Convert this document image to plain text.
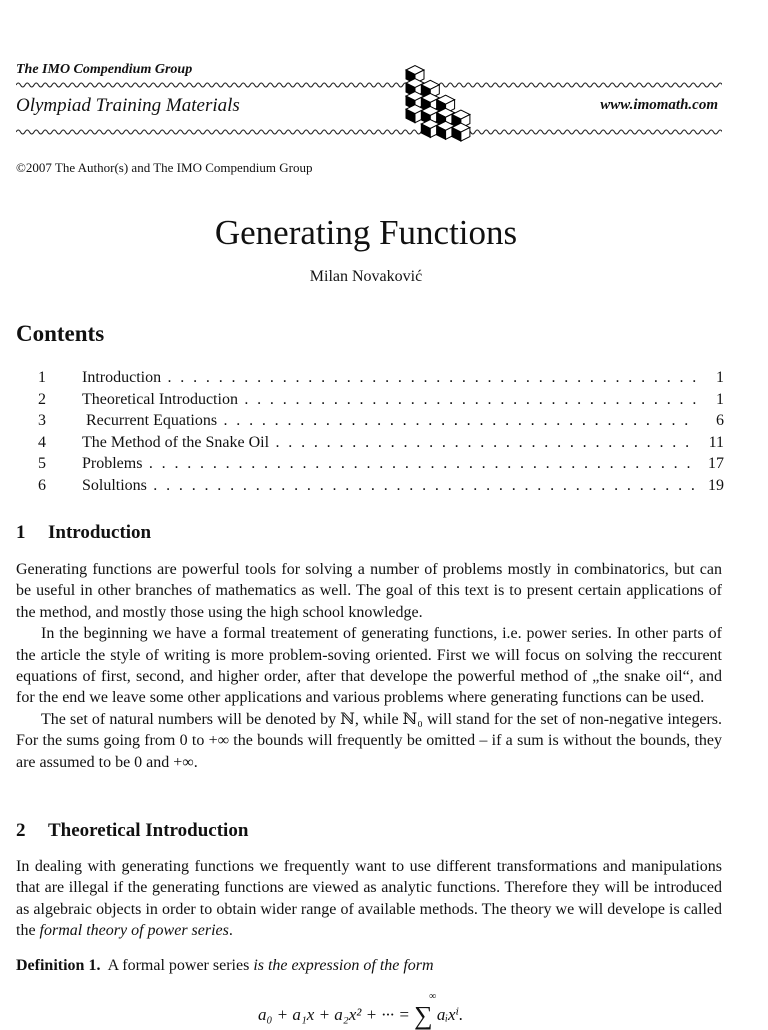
The IMO Compendium Group
Olympiad Training Materials	www.imomath.com
©2007 The Author(s) and The IMO Compendium Group
Generating Functions
Milan Novaković
Contents
1 Introduction . . .	1
2 Theoretical Introduction . . .	1
3 Recurrent Equations . . .	6
4 The Method of the Snake Oil . . .	11
5 Problems . . .	17
6 Solultions . . .	19
1 Introduction

Generating functions are powerful tools for solving a number of problems mostly in combinatorics, but can be useful in other branches of mathematics as well. The goal of this text is to present certain applications of the method, and mostly those using the high school knowledge.

In the beginning we have a formal treatement of generating functions, i.e. power series. In other parts of the article the style of writing is more problem-soving oriented. First we will focus on solving the reccurent equations of first, second, and higher order, after that develope the powerful method of „the snake oil“, and for the end we leave some other applications and various problems where generating functions can be used.

The set of natural numbers will be denoted by ℕ, while ℕ₀ will stand for the set of non-negative integers. For the sums going from 0 to +∞ the bounds will frequently be omitted – if a sum is without the bounds, they are assumed to be 0 and +∞.

2 Theoretical Introduction

In dealing with generating functions we frequently want to use different transformations and manipulations that are illegal if the generating functions are viewed as analytic functions. Therefore they will be introduced as algebraic objects in order to obtain wider range of available methods. The theory we will develope is called the formal theory of power series.

Definition 1. A formal power series is the expression of the form
a₀ + a₁x + a₂x² + ··· = ∑
∞
aᵢxⁱ.
